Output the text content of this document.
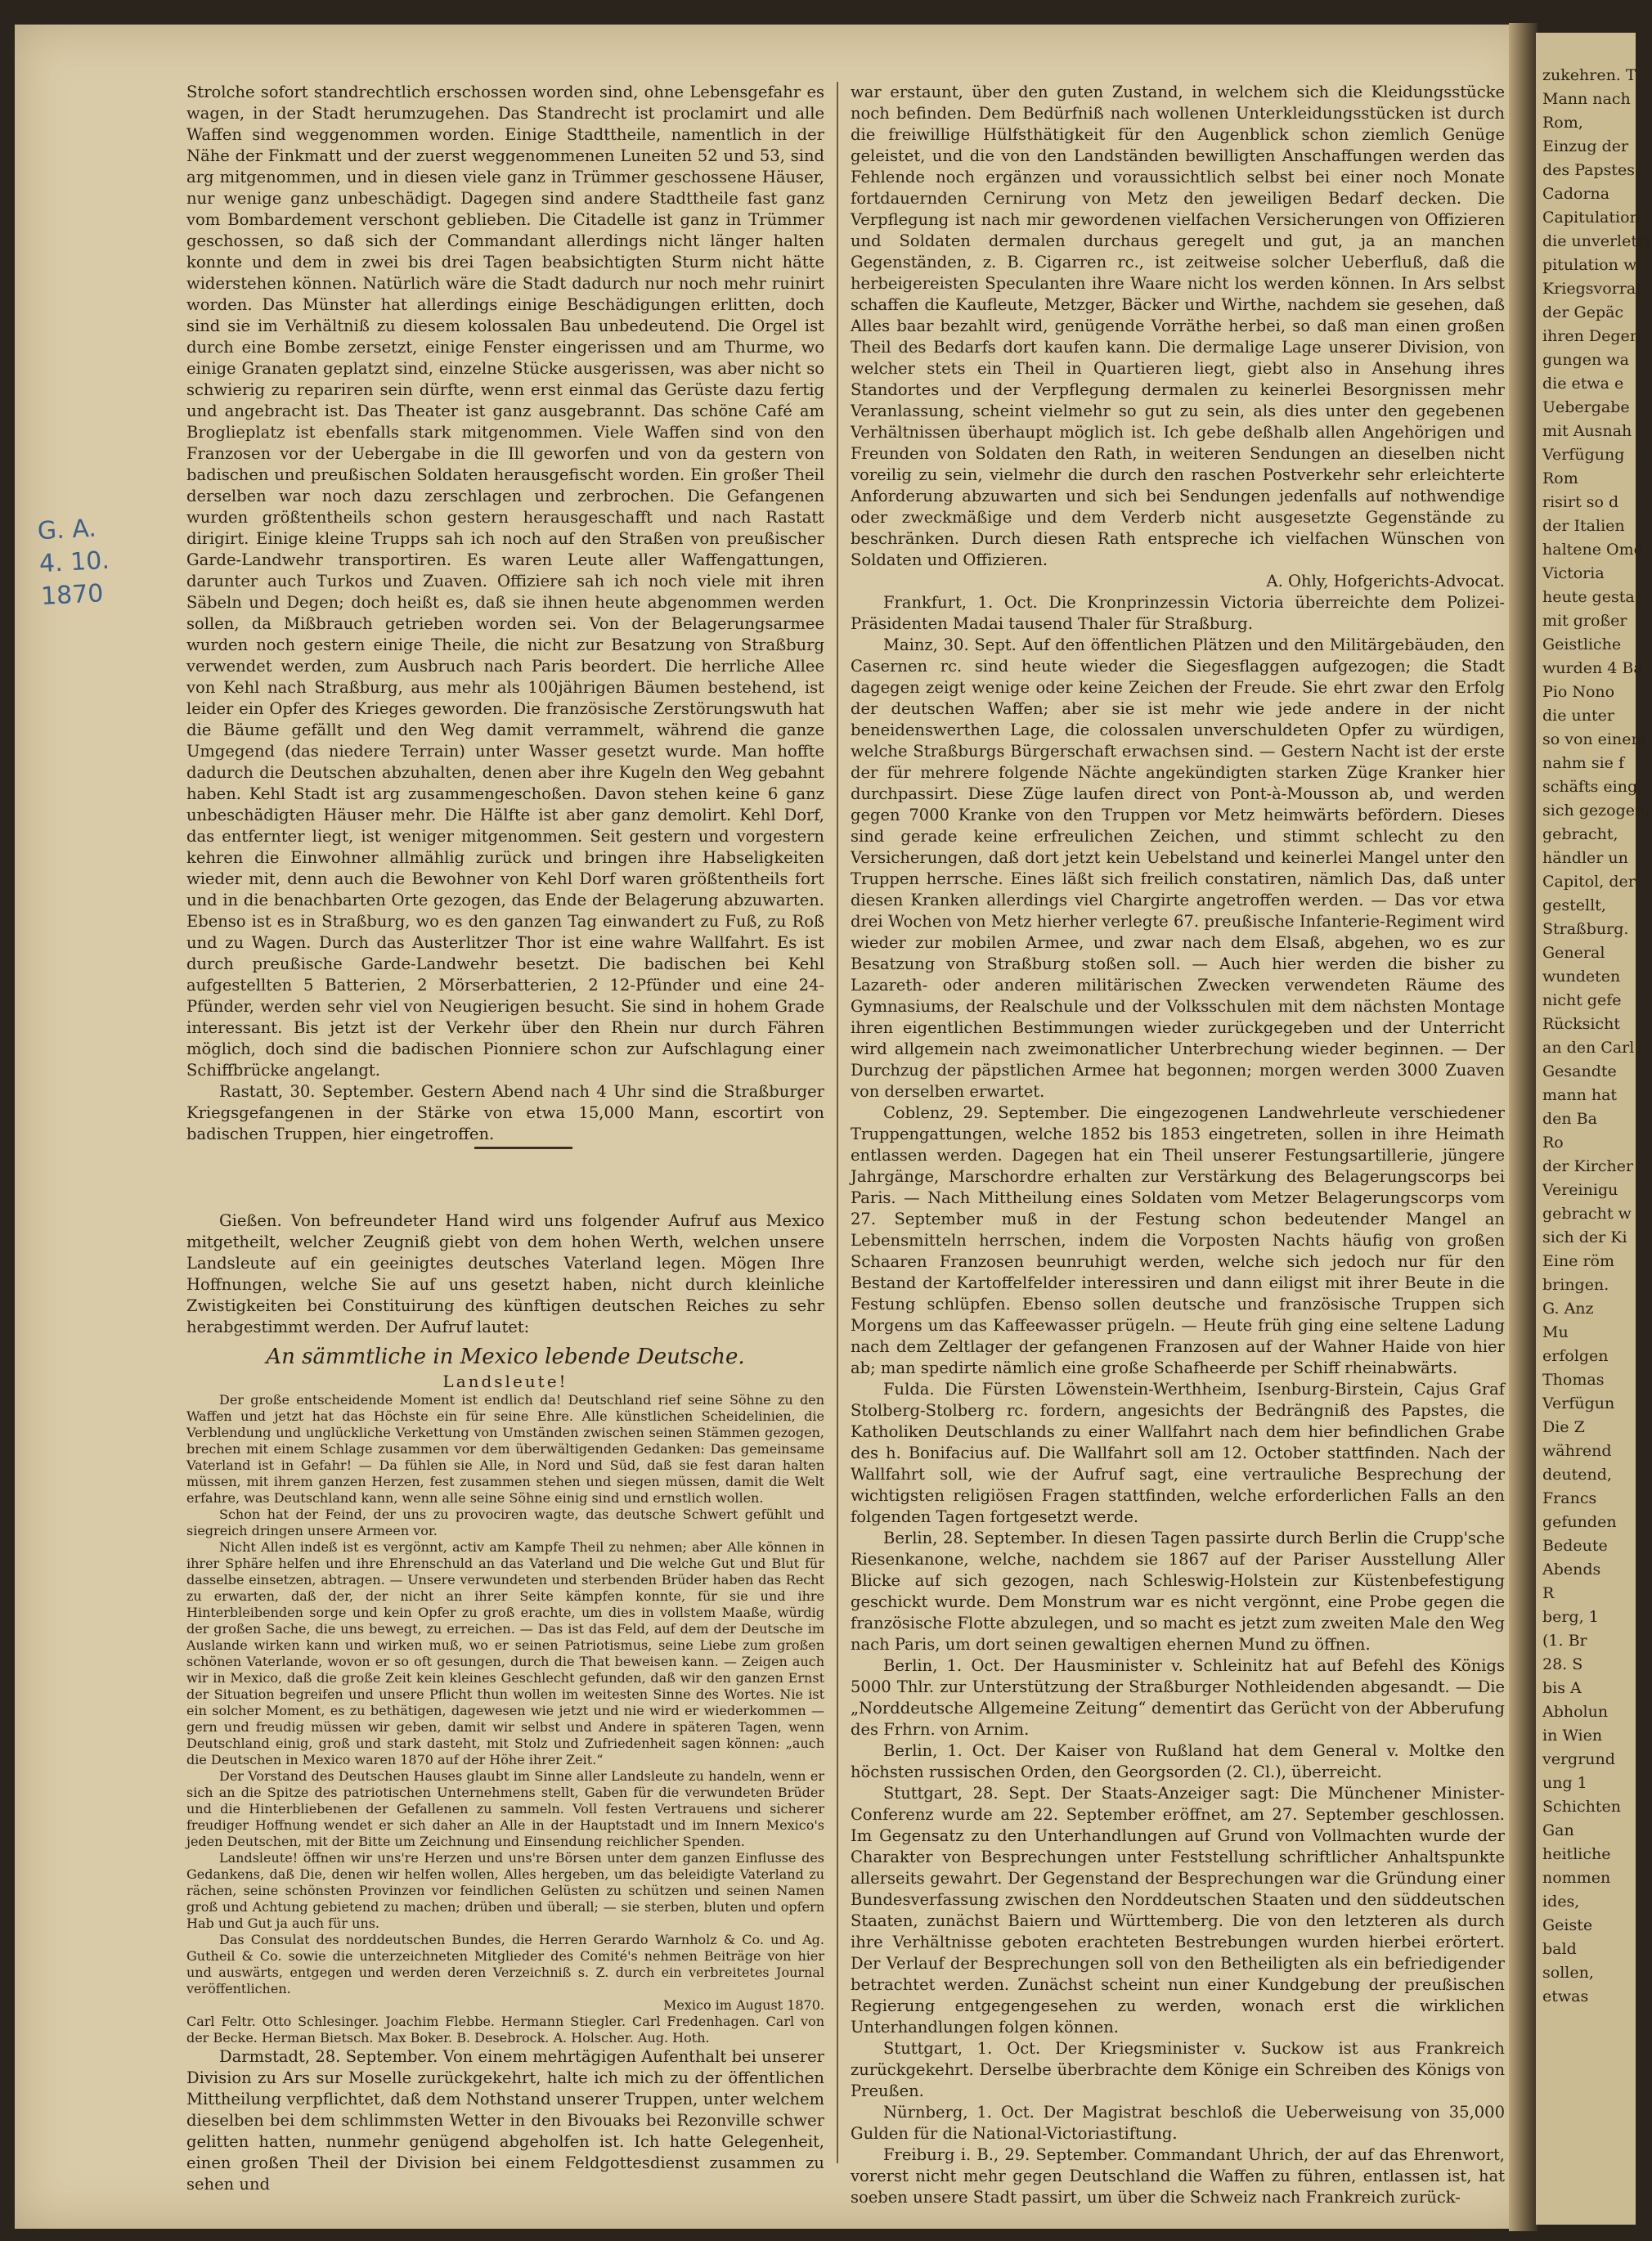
G. A.
4. 10.
1870

Strolche sofort standrechtlich erschossen worden sind, ohne Lebensgefahr es wagen, in der Stadt herumzugehen. Das Standrecht ist proclamirt und alle Waffen sind weggenommen worden. Einige Stadttheile, namentlich in der Nähe der Finkmatt und der zuerst weggenommenen Luneiten 52 und 53, sind arg mitgenommen, und in diesen viele ganz in Trümmer geschossene Häuser, nur wenige ganz unbeschädigt. Dagegen sind andere Stadttheile fast ganz vom Bombardement verschont geblieben. Die Citadelle ist ganz in Trümmer geschossen, so daß sich der Commandant allerdings nicht länger halten konnte und dem in zwei bis drei Tagen beabsichtigten Sturm nicht hätte widerstehen können. Natürlich wäre die Stadt dadurch nur noch mehr ruinirt worden. Das Münster hat allerdings einige Beschädigungen erlitten, doch sind sie im Verhältniß zu diesem kolossalen Bau unbedeutend. Die Orgel ist durch eine Bombe zersetzt, einige Fenster eingerissen und am Thurme, wo einige Granaten geplatzt sind, einzelne Stücke ausgerissen, was aber nicht so schwierig zu repariren sein dürfte, wenn erst einmal das Gerüste dazu fertig und angebracht ist. Das Theater ist ganz ausgebrannt. Das schöne Café am Broglieplatz ist ebenfalls stark mitgenommen. Viele Waffen sind von den Franzosen vor der Uebergabe in die Ill geworfen und von da gestern von badischen und preußischen Soldaten herausgefischt worden. Ein großer Theil derselben war noch dazu zerschlagen und zerbrochen. Die Gefangenen wurden größtentheils schon gestern herausgeschafft und nach Rastatt dirigirt. Einige kleine Trupps sah ich noch auf den Straßen von preußischer Garde-Landwehr transportiren. Es waren Leute aller Waffengattungen, darunter auch Turkos und Zuaven. Offiziere sah ich noch viele mit ihren Säbeln und Degen; doch heißt es, daß sie ihnen heute abgenommen werden sollen, da Mißbrauch getrieben worden sei. Von der Belagerungsarmee wurden noch gestern einige Theile, die nicht zur Besatzung von Straßburg verwendet werden, zum Ausbruch nach Paris beordert. Die herrliche Allee von Kehl nach Straßburg, aus mehr als 100jährigen Bäumen bestehend, ist leider ein Opfer des Krieges geworden. Die französische Zerstörungswuth hat die Bäume gefällt und den Weg damit verrammelt, während die ganze Umgegend (das niedere Terrain) unter Wasser gesetzt wurde. Man hoffte dadurch die Deutschen abzuhalten, denen aber ihre Kugeln den Weg gebahnt haben. Kehl Stadt ist arg zusammengeschoßen. Davon stehen keine 6 ganz unbeschädigten Häuser mehr. Die Hälfte ist aber ganz demolirt. Kehl Dorf, das entfernter liegt, ist weniger mitgenommen. Seit gestern und vorgestern kehren die Einwohner allmählig zurück und bringen ihre Habseligkeiten wieder mit, denn auch die Bewohner von Kehl Dorf waren größtentheils fort und in die benachbarten Orte gezogen, das Ende der Belagerung abzuwarten. Ebenso ist es in Straßburg, wo es den ganzen Tag einwandert zu Fuß, zu Roß und zu Wagen. Durch das Austerlitzer Thor ist eine wahre Wallfahrt. Es ist durch preußische Garde-Landwehr besetzt. Die badischen bei Kehl aufgestellten 5 Batterien, 2 Mörserbatterien, 2 12-Pfünder und eine 24-Pfünder, werden sehr viel von Neugierigen besucht. Sie sind in hohem Grade interessant. Bis jetzt ist der Verkehr über den Rhein nur durch Fähren möglich, doch sind die badischen Pionniere schon zur Aufschlagung einer Schiffbrücke angelangt.

Rastatt, 30. September. Gestern Abend nach 4 Uhr sind die Straßburger Kriegsgefangenen in der Stärke von etwa 15,000 Mann, escortirt von badischen Truppen, hier eingetroffen.

Gießen. Von befreundeter Hand wird uns folgender Aufruf aus Mexico mitgetheilt, welcher Zeugniß giebt von dem hohen Werth, welchen unsere Landsleute auf ein geeinigtes deutsches Vaterland legen. Mögen Ihre Hoffnungen, welche Sie auf uns gesetzt haben, nicht durch kleinliche Zwistigkeiten bei Constituirung des künftigen deutschen Reiches zu sehr herabgestimmt werden. Der Aufruf lautet:

An sämmtliche in Mexico lebende Deutsche.
Landsleute!

Der große entscheidende Moment ist endlich da! Deutschland rief seine Söhne zu den Waffen und jetzt hat das Höchste ein für seine Ehre. Alle künstlichen Scheidelinien, die Verblendung und unglückliche Verkettung von Umständen zwischen seinen Stämmen gezogen, brechen mit einem Schlage zusammen vor dem überwältigenden Gedanken: Das gemeinsame Vaterland ist in Gefahr! — Da fühlen sie Alle, in Nord und Süd, daß sie fest daran halten müssen, mit ihrem ganzen Herzen, fest zusammen stehen und siegen müssen, damit die Welt erfahre, was Deutschland kann, wenn alle seine Söhne einig sind und ernstlich wollen.

Schon hat der Feind, der uns zu provociren wagte, das deutsche Schwert gefühlt und siegreich dringen unsere Armeen vor.

Nicht Allen indeß ist es vergönnt, activ am Kampfe Theil zu nehmen; aber Alle können in ihrer Sphäre helfen und ihre Ehrenschuld an das Vaterland und Die welche Gut und Blut für dasselbe einsetzen, abtragen. — Unsere verwundeten und sterbenden Brüder haben das Recht zu erwarten, daß der, der nicht an ihrer Seite kämpfen konnte, für sie und ihre Hinterbleibenden sorge und kein Opfer zu groß erachte, um dies in vollstem Maaße, würdig der großen Sache, die uns bewegt, zu erreichen. — Das ist das Feld, auf dem der Deutsche im Auslande wirken kann und wirken muß, wo er seinen Patriotismus, seine Liebe zum großen schönen Vaterlande, wovon er so oft gesungen, durch die That beweisen kann. — Zeigen auch wir in Mexico, daß die große Zeit kein kleines Geschlecht gefunden, daß wir den ganzen Ernst der Situation begreifen und unsere Pflicht thun wollen im weitesten Sinne des Wortes. Nie ist ein solcher Moment, es zu bethätigen, dagewesen wie jetzt und nie wird er wiederkommen — gern und freudig müssen wir geben, damit wir selbst und Andere in späteren Tagen, wenn Deutschland einig, groß und stark dasteht, mit Stolz und Zufriedenheit sagen können: „auch die Deutschen in Mexico waren 1870 auf der Höhe ihrer Zeit.“

Der Vorstand des Deutschen Hauses glaubt im Sinne aller Landsleute zu handeln, wenn er sich an die Spitze des patriotischen Unternehmens stellt, Gaben für die verwundeten Brüder und die Hinterbliebenen der Gefallenen zu sammeln. Voll festen Vertrauens und sicherer freudiger Hoffnung wendet er sich daher an Alle in der Hauptstadt und im Innern Mexico's jeden Deutschen, mit der Bitte um Zeichnung und Einsendung reichlicher Spenden.

Landsleute! öffnen wir uns're Herzen und uns're Börsen unter dem ganzen Einflusse des Gedankens, daß Die, denen wir helfen wollen, Alles hergeben, um das beleidigte Vaterland zu rächen, seine schönsten Provinzen vor feindlichen Gelüsten zu schützen und seinen Namen groß und Achtung gebietend zu machen; drüben und überall; — sie sterben, bluten und opfern Hab und Gut ja auch für uns.

Das Consulat des norddeutschen Bundes, die Herren Gerardo Warnholz & Co. und Ag. Gutheil & Co. sowie die unterzeichneten Mitglieder des Comité's nehmen Beiträge von hier und auswärts, entgegen und werden deren Verzeichniß s. Z. durch ein verbreitetes Journal veröffentlichen.

Mexico im August 1870.

Carl Feltr. Otto Schlesinger. Joachim Flebbe. Hermann Stiegler. Carl Fredenhagen. Carl von der Becke. Herman Bietsch. Max Boker. B. Desebrock. A. Holscher. Aug. Hoth.

Darmstadt, 28. September. Von einem mehrtägigen Aufenthalt bei unserer Division zu Ars sur Moselle zurückgekehrt, halte ich mich zu der öffentlichen Mittheilung verpflichtet, daß dem Nothstand unserer Truppen, unter welchem dieselben bei dem schlimmsten Wetter in den Bivouaks bei Rezonville schwer gelitten hatten, nunmehr genügend abgeholfen ist. Ich hatte Gelegenheit, einen großen Theil der Division bei einem Feldgottesdienst zusammen zu sehen und

war erstaunt, über den guten Zustand, in welchem sich die Kleidungsstücke noch befinden. Dem Bedürfniß nach wollenen Unterkleidungsstücken ist durch die freiwillige Hülfsthätigkeit für den Augenblick schon ziemlich Genüge geleistet, und die von den Landständen bewilligten Anschaffungen werden das Fehlende noch ergänzen und voraussichtlich selbst bei einer noch Monate fortdauernden Cernirung von Metz den jeweiligen Bedarf decken. Die Verpflegung ist nach mir gewordenen vielfachen Versicherungen von Offizieren und Soldaten dermalen durchaus geregelt und gut, ja an manchen Gegenständen, z. B. Cigarren rc., ist zeitweise solcher Ueberfluß, daß die herbeigereisten Speculanten ihre Waare nicht los werden können. In Ars selbst schaffen die Kaufleute, Metzger, Bäcker und Wirthe, nachdem sie gesehen, daß Alles baar bezahlt wird, genügende Vorräthe herbei, so daß man einen großen Theil des Bedarfs dort kaufen kann. Die dermalige Lage unserer Division, von welcher stets ein Theil in Quartieren liegt, giebt also in Ansehung ihres Standortes und der Verpflegung dermalen zu keinerlei Besorgnissen mehr Veranlassung, scheint vielmehr so gut zu sein, als dies unter den gegebenen Verhältnissen überhaupt möglich ist. Ich gebe deßhalb allen Angehörigen und Freunden von Soldaten den Rath, in weiteren Sendungen an dieselben nicht voreilig zu sein, vielmehr die durch den raschen Postverkehr sehr erleichterte Anforderung abzuwarten und sich bei Sendungen jedenfalls auf nothwendige oder zweckmäßige und dem Verderb nicht ausgesetzte Gegenstände zu beschränken. Durch diesen Rath entspreche ich vielfachen Wünschen von Soldaten und Offizieren.

A. Ohly, Hofgerichts-Advocat.

Frankfurt, 1. Oct. Die Kronprinzessin Victoria überreichte dem Polizei-Präsidenten Madai tausend Thaler für Straßburg.

Mainz, 30. Sept. Auf den öffentlichen Plätzen und den Militärgebäuden, den Casernen rc. sind heute wieder die Siegesflaggen aufgezogen; die Stadt dagegen zeigt wenige oder keine Zeichen der Freude. Sie ehrt zwar den Erfolg der deutschen Waffen; aber sie ist mehr wie jede andere in der nicht beneidenswerthen Lage, die colossalen unverschuldeten Opfer zu würdigen, welche Straßburgs Bürgerschaft erwachsen sind. — Gestern Nacht ist der erste der für mehrere folgende Nächte angekündigten starken Züge Kranker hier durchpassirt. Diese Züge laufen direct von Pont-à-Mousson ab, und werden gegen 7000 Kranke von den Truppen vor Metz heimwärts befördern. Dieses sind gerade keine erfreulichen Zeichen, und stimmt schlecht zu den Versicherungen, daß dort jetzt kein Uebelstand und keinerlei Mangel unter den Truppen herrsche. Eines läßt sich freilich constatiren, nämlich Das, daß unter diesen Kranken allerdings viel Chargirte angetroffen werden. — Das vor etwa drei Wochen von Metz hierher verlegte 67. preußische Infanterie-Regiment wird wieder zur mobilen Armee, und zwar nach dem Elsaß, abgehen, wo es zur Besatzung von Straßburg stoßen soll. — Auch hier werden die bisher zu Lazareth- oder anderen militärischen Zwecken verwendeten Räume des Gymnasiums, der Realschule und der Volksschulen mit dem nächsten Montage ihren eigentlichen Bestimmungen wieder zurückgegeben und der Unterricht wird allgemein nach zweimonatlicher Unterbrechung wieder beginnen. — Der Durchzug der päpstlichen Armee hat begonnen; morgen werden 3000 Zuaven von derselben erwartet.

Coblenz, 29. September. Die eingezogenen Landwehrleute verschiedener Truppengattungen, welche 1852 bis 1853 eingetreten, sollen in ihre Heimath entlassen werden. Dagegen hat ein Theil unserer Festungsartillerie, jüngere Jahrgänge, Marschordre erhalten zur Verstärkung des Belagerungscorps bei Paris. — Nach Mittheilung eines Soldaten vom Metzer Belagerungscorps vom 27. September muß in der Festung schon bedeutender Mangel an Lebensmitteln herrschen, indem die Vorposten Nachts häufig von großen Schaaren Franzosen beunruhigt werden, welche sich jedoch nur für den Bestand der Kartoffelfelder interessiren und dann eiligst mit ihrer Beute in die Festung schlüpfen. Ebenso sollen deutsche und französische Truppen sich Morgens um das Kaffeewasser prügeln. — Heute früh ging eine seltene Ladung nach dem Zeltlager der gefangenen Franzosen auf der Wahner Haide von hier ab; man spedirte nämlich eine große Schafheerde per Schiff rheinabwärts.

Fulda. Die Fürsten Löwenstein-Werthheim, Isenburg-Birstein, Cajus Graf Stolberg-Stolberg rc. fordern, angesichts der Bedrängniß des Papstes, die Katholiken Deutschlands zu einer Wallfahrt nach dem hier befindlichen Grabe des h. Bonifacius auf. Die Wallfahrt soll am 12. October stattfinden. Nach der Wallfahrt soll, wie der Aufruf sagt, eine vertrauliche Besprechung der wichtigsten religiösen Fragen stattfinden, welche erforderlichen Falls an den folgenden Tagen fortgesetzt werde.

Berlin, 28. September. In diesen Tagen passirte durch Berlin die Crupp'sche Riesenkanone, welche, nachdem sie 1867 auf der Pariser Ausstellung Aller Blicke auf sich gezogen, nach Schleswig-Holstein zur Küstenbefestigung geschickt wurde. Dem Monstrum war es nicht vergönnt, eine Probe gegen die französische Flotte abzulegen, und so macht es jetzt zum zweiten Male den Weg nach Paris, um dort seinen gewaltigen ehernen Mund zu öffnen.

Berlin, 1. Oct. Der Hausminister v. Schleinitz hat auf Befehl des Königs 5000 Thlr. zur Unterstützung der Straßburger Nothleidenden abgesandt. — Die „Norddeutsche Allgemeine Zeitung“ dementirt das Gerücht von der Abberufung des Frhrn. von Arnim.

Berlin, 1. Oct. Der Kaiser von Rußland hat dem General v. Moltke den höchsten russischen Orden, den Georgsorden (2. Cl.), überreicht.

Stuttgart, 28. Sept. Der Staats-Anzeiger sagt: Die Münchener Minister-Conferenz wurde am 22. September eröffnet, am 27. September geschlossen. Im Gegensatz zu den Unterhandlungen auf Grund von Vollmachten wurde der Charakter von Besprechungen unter Feststellung schriftlicher Anhaltspunkte allerseits gewahrt. Der Gegenstand der Besprechungen war die Gründung einer Bundesverfassung zwischen den Norddeutschen Staaten und den süddeutschen Staaten, zunächst Baiern und Württemberg. Die von den letzteren als durch ihre Verhältnisse geboten erachteten Bestrebungen wurden hierbei erörtert. Der Verlauf der Besprechungen soll von den Betheiligten als ein befriedigender betrachtet werden. Zunächst scheint nun einer Kundgebung der preußischen Regierung entgegengesehen zu werden, wonach erst die wirklichen Unterhandlungen folgen können.

Stuttgart, 1. Oct. Der Kriegsminister v. Suckow ist aus Frankreich zurückgekehrt. Derselbe überbrachte dem Könige ein Schreiben des Königs von Preußen.

Nürnberg, 1. Oct. Der Magistrat beschloß die Ueberweisung von 35,000 Gulden für die National-Victoriastiftung.

Freiburg i. B., 29. September. Commandant Uhrich, der auf das Ehrenwort, vorerst nicht mehr gegen Deutschland die Waffen zu führen, entlassen ist, hat soeben unsere Stadt passirt, um über die Schweiz nach Frankreich zurück-

zukehren. T
Mann nach
Rom,
Einzug der
des Papstes
Cadorna
Capitulation
die unverletzt
pitulation w
Kriegsvorrat
der Gepäc
ihren Degen
gungen wa
die etwa e
Uebergabe
mit Ausnah
Verfügung
Rom
risirt so d
der Italien
haltene Ome
Victoria
heute gesta
mit großer
Geistliche
wurden 4 Ba
Pio Nono
die unter
so von einem
nahm sie f
schäfts eing
sich gezogen,
gebracht,
händler un
Capitol, der
gestellt,
Straßburg.
General
wundeten
nicht gefe
Rücksicht
an den Carl
Gesandte
mann hat
den Ba
Ro
der Kircher
Vereinigu
gebracht w
sich der Ki
Eine röm
bringen.
G. Anz
Mu
erfolgen
Thomas
Verfügun
Die Z
während
deutend,
Francs
gefunden
Bedeute
Abends
R
berg, 1
(1. Br
28. S
bis A
Abholun
in Wien
vergrund
ung 1
Schichten
Gan
heitliche
nommen
ides,
Geiste
bald
sollen,
etwas
